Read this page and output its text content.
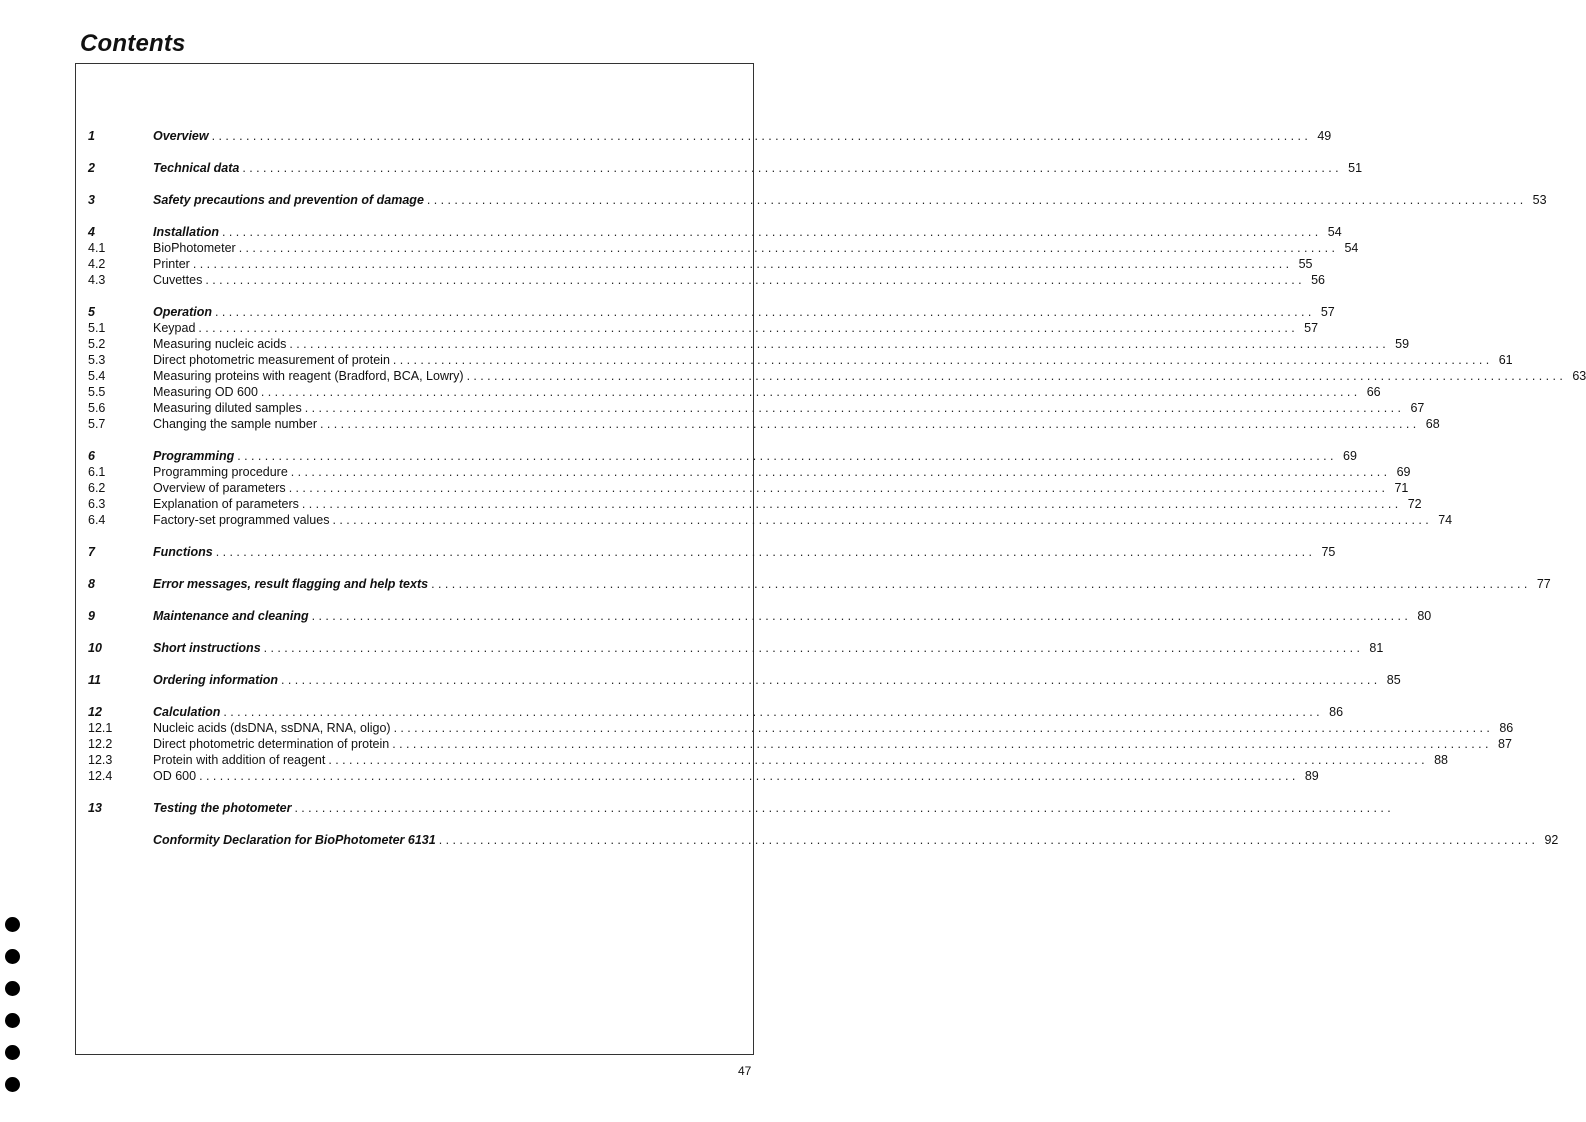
Contents
1	Overview ................................................................................................................................................................ 49
2	Technical data ................................................................................................................................................................ 51
3	Safety precautions and prevention of damage ................................................................................................................................................................ 53
4	Installation ................................................................................................................................................................ 54
4.1	BioPhotometer ................................................................................................................................................................ 54
4.2	Printer ................................................................................................................................................................ 55
4.3	Cuvettes ................................................................................................................................................................ 56
5	Operation ................................................................................................................................................................ 57
5.1	Keypad ................................................................................................................................................................ 57
5.2	Measuring nucleic acids ................................................................................................................................................................ 59
5.3	Direct photometric measurement of protein ................................................................................................................................................................ 61
5.4	Measuring proteins with reagent (Bradford, BCA, Lowry) ................................................................................................................................................................ 63
5.5	Measuring OD 600 ................................................................................................................................................................ 66
5.6	Measuring diluted samples ................................................................................................................................................................ 67
5.7	Changing the sample number ................................................................................................................................................................ 68
6	Programming ................................................................................................................................................................ 69
6.1	Programming procedure ................................................................................................................................................................ 69
6.2	Overview of parameters ................................................................................................................................................................ 71
6.3	Explanation of parameters ................................................................................................................................................................ 72
6.4	Factory-set programmed values ................................................................................................................................................................ 74
7	Functions ................................................................................................................................................................ 75
8	Error messages, result flagging and help texts ................................................................................................................................................................ 77
9	Maintenance and cleaning ................................................................................................................................................................ 80
10	Short instructions ................................................................................................................................................................ 81
11	Ordering information ................................................................................................................................................................ 85
12	Calculation ................................................................................................................................................................ 86
12.1	Nucleic acids (dsDNA, ssDNA, RNA, oligo) ................................................................................................................................................................ 86
12.2	Direct photometric determination of protein ................................................................................................................................................................ 87
12.3	Protein with addition of reagent ................................................................................................................................................................ 88
12.4	OD 600 ................................................................................................................................................................ 89
13	Testing the photometer ................................................................................................................................................................
Conformity Declaration for BioPhotometer 6131 ................................................................................................................................................................ 92
47
